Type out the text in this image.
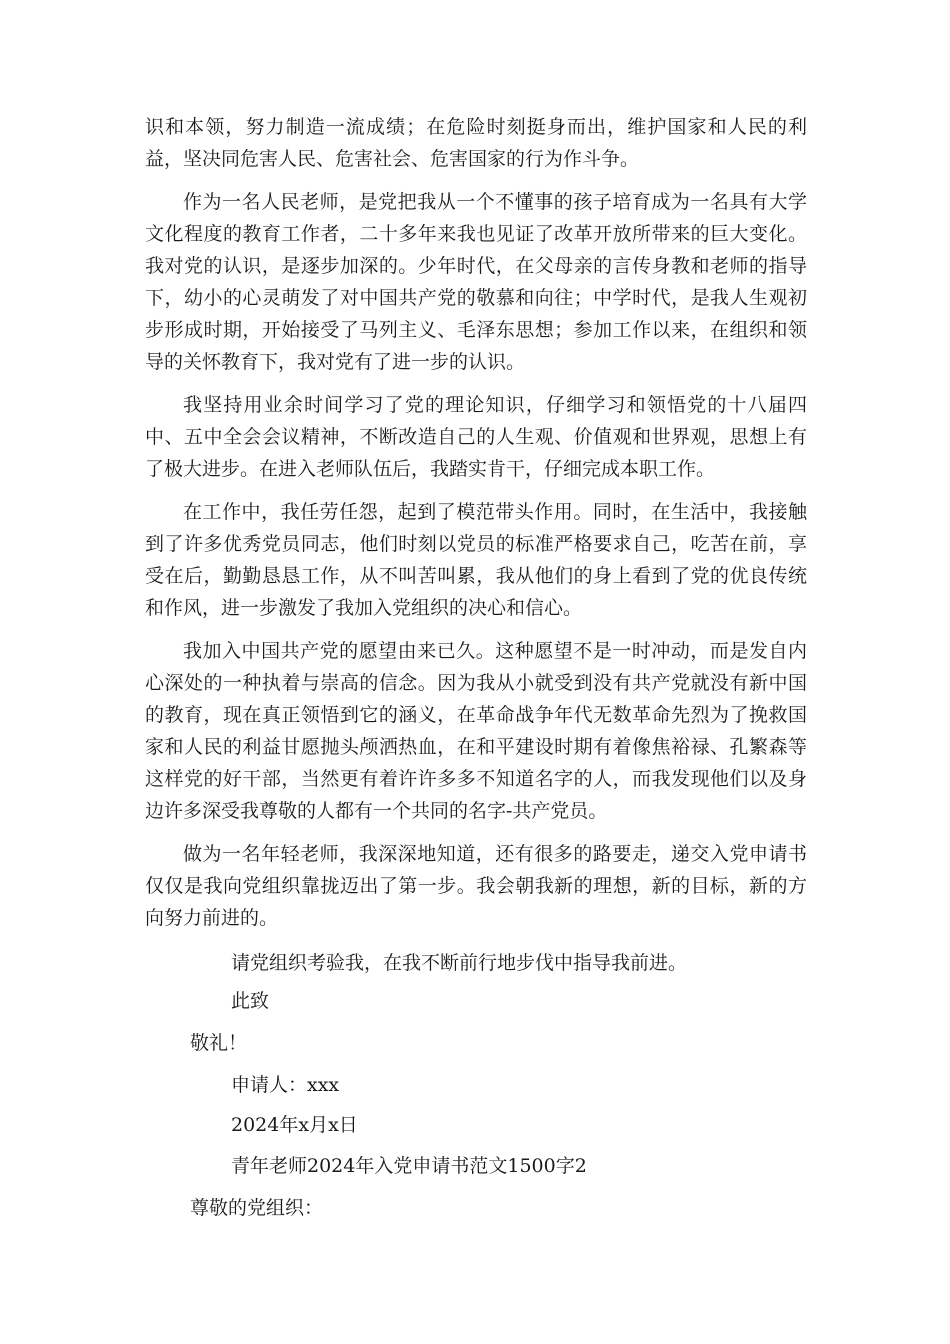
识和本领，努力制造一流成绩；在危险时刻挺身而出，维护国家和人民的利益，坚决同危害人民、危害社会、危害国家的行为作斗争。

作为一名人民老师，是党把我从一个不懂事的孩子培育成为一名具有大学文化程度的教育工作者，二十多年来我也见证了改革开放所带来的巨大变化。我对党的认识，是逐步加深的。少年时代，在父母亲的言传身教和老师的指导下，幼小的心灵萌发了对中国共产党的敬慕和向往；中学时代，是我人生观初步形成时期，开始接受了马列主义、毛泽东思想；参加工作以来，在组织和领导的关怀教育下，我对党有了进一步的认识。

我坚持用业余时间学习了党的理论知识，仔细学习和领悟党的十八届四中、五中全会会议精神，不断改造自己的人生观、价值观和世界观，思想上有了极大进步。在进入老师队伍后，我踏实肯干，仔细完成本职工作。

在工作中，我任劳任怨，起到了模范带头作用。同时，在生活中，我接触到了许多优秀党员同志，他们时刻以党员的标准严格要求自己，吃苦在前，享受在后，勤勤恳恳工作，从不叫苦叫累，我从他们的身上看到了党的优良传统和作风，进一步激发了我加入党组织的决心和信心。

我加入中国共产党的愿望由来已久。这种愿望不是一时冲动，而是发自内心深处的一种执着与崇高的信念。因为我从小就受到没有共产党就没有新中国的教育，现在真正领悟到它的涵义，在革命战争年代无数革命先烈为了挽救国家和人民的利益甘愿抛头颅洒热血，在和平建设时期有着像焦裕禄、孔繁森等这样党的好干部，当然更有着许许多多不知道名字的人，而我发现他们以及身边许多深受我尊敬的人都有一个共同的名字-共产党员。

做为一名年轻老师，我深深地知道，还有很多的路要走，递交入党申请书仅仅是我向党组织靠拢迈出了第一步。我会朝我新的理想，新的目标，新的方向努力前进的。

请党组织考验我，在我不断前行地步伐中指导我前进。

此致

敬礼！

申请人：xxx

2024年x月x日

青年老师2024年入党申请书范文1500字2

尊敬的党组织：
